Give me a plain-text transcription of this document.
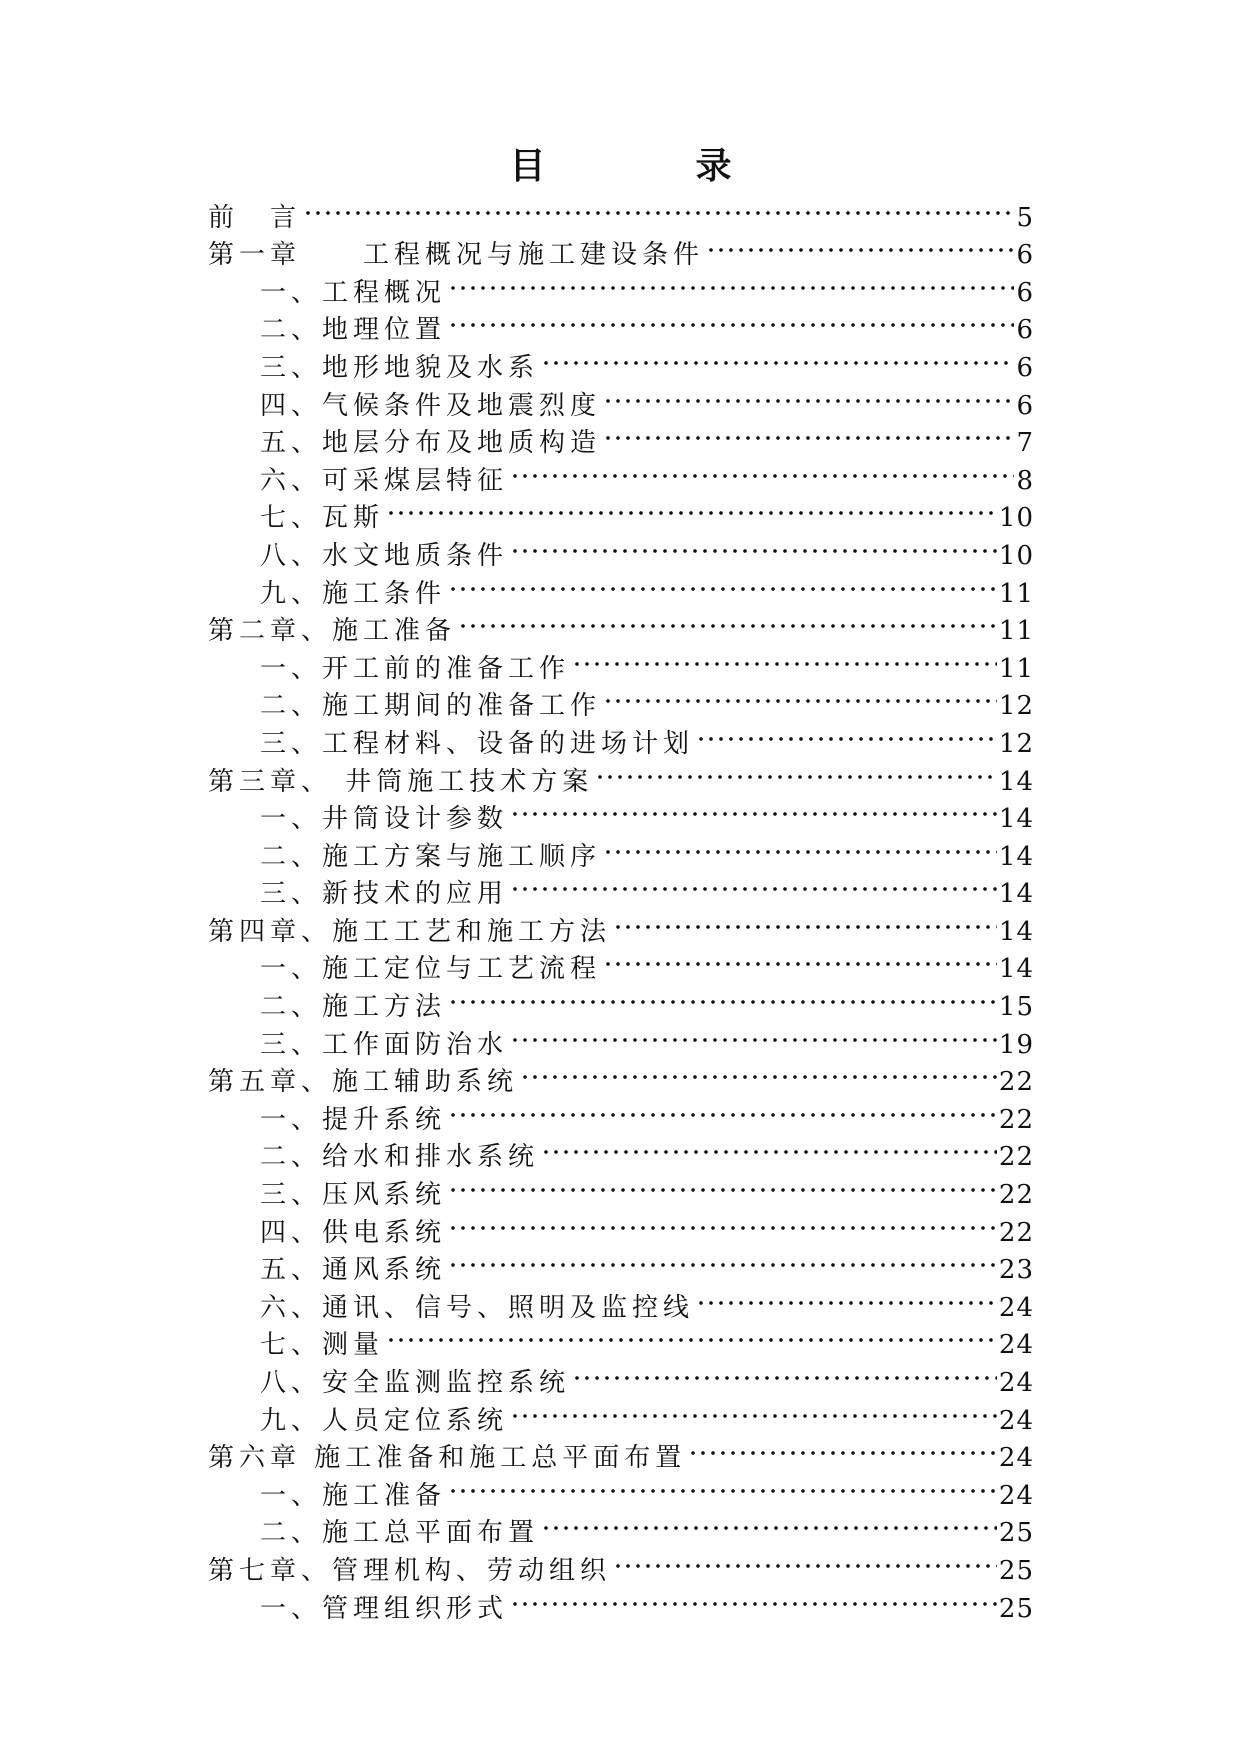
目	录
前　言	5
第一章　　工程概况与施工建设条件	6
一、工程概况	6
二、地理位置	6
三、地形地貌及水系	6
四、气候条件及地震烈度	6
五、地层分布及地质构造	7
六、可采煤层特征	8
七、瓦斯	10
八、水文地质条件	10
九、施工条件	11
第二章、施工准备	11
一、开工前的准备工作	11
二、施工期间的准备工作	12
三、工程材料、设备的进场计划	12
第三章、 井筒施工技术方案	14
一、井筒设计参数	14
二、施工方案与施工顺序	14
三、新技术的应用	14
第四章、施工工艺和施工方法	14
一、施工定位与工艺流程	14
二、施工方法	15
三、工作面防治水	19
第五章、施工辅助系统	22
一、提升系统	22
二、给水和排水系统	22
三、压风系统	22
四、供电系统	22
五、通风系统	23
六、通讯、信号、照明及监控线	24
七、测量	24
八、安全监测监控系统	24
九、人员定位系统	24
第六章 施工准备和施工总平面布置	24
一、施工准备	24
二、施工总平面布置	25
第七章、管理机构、劳动组织	25
一、管理组织形式	25
